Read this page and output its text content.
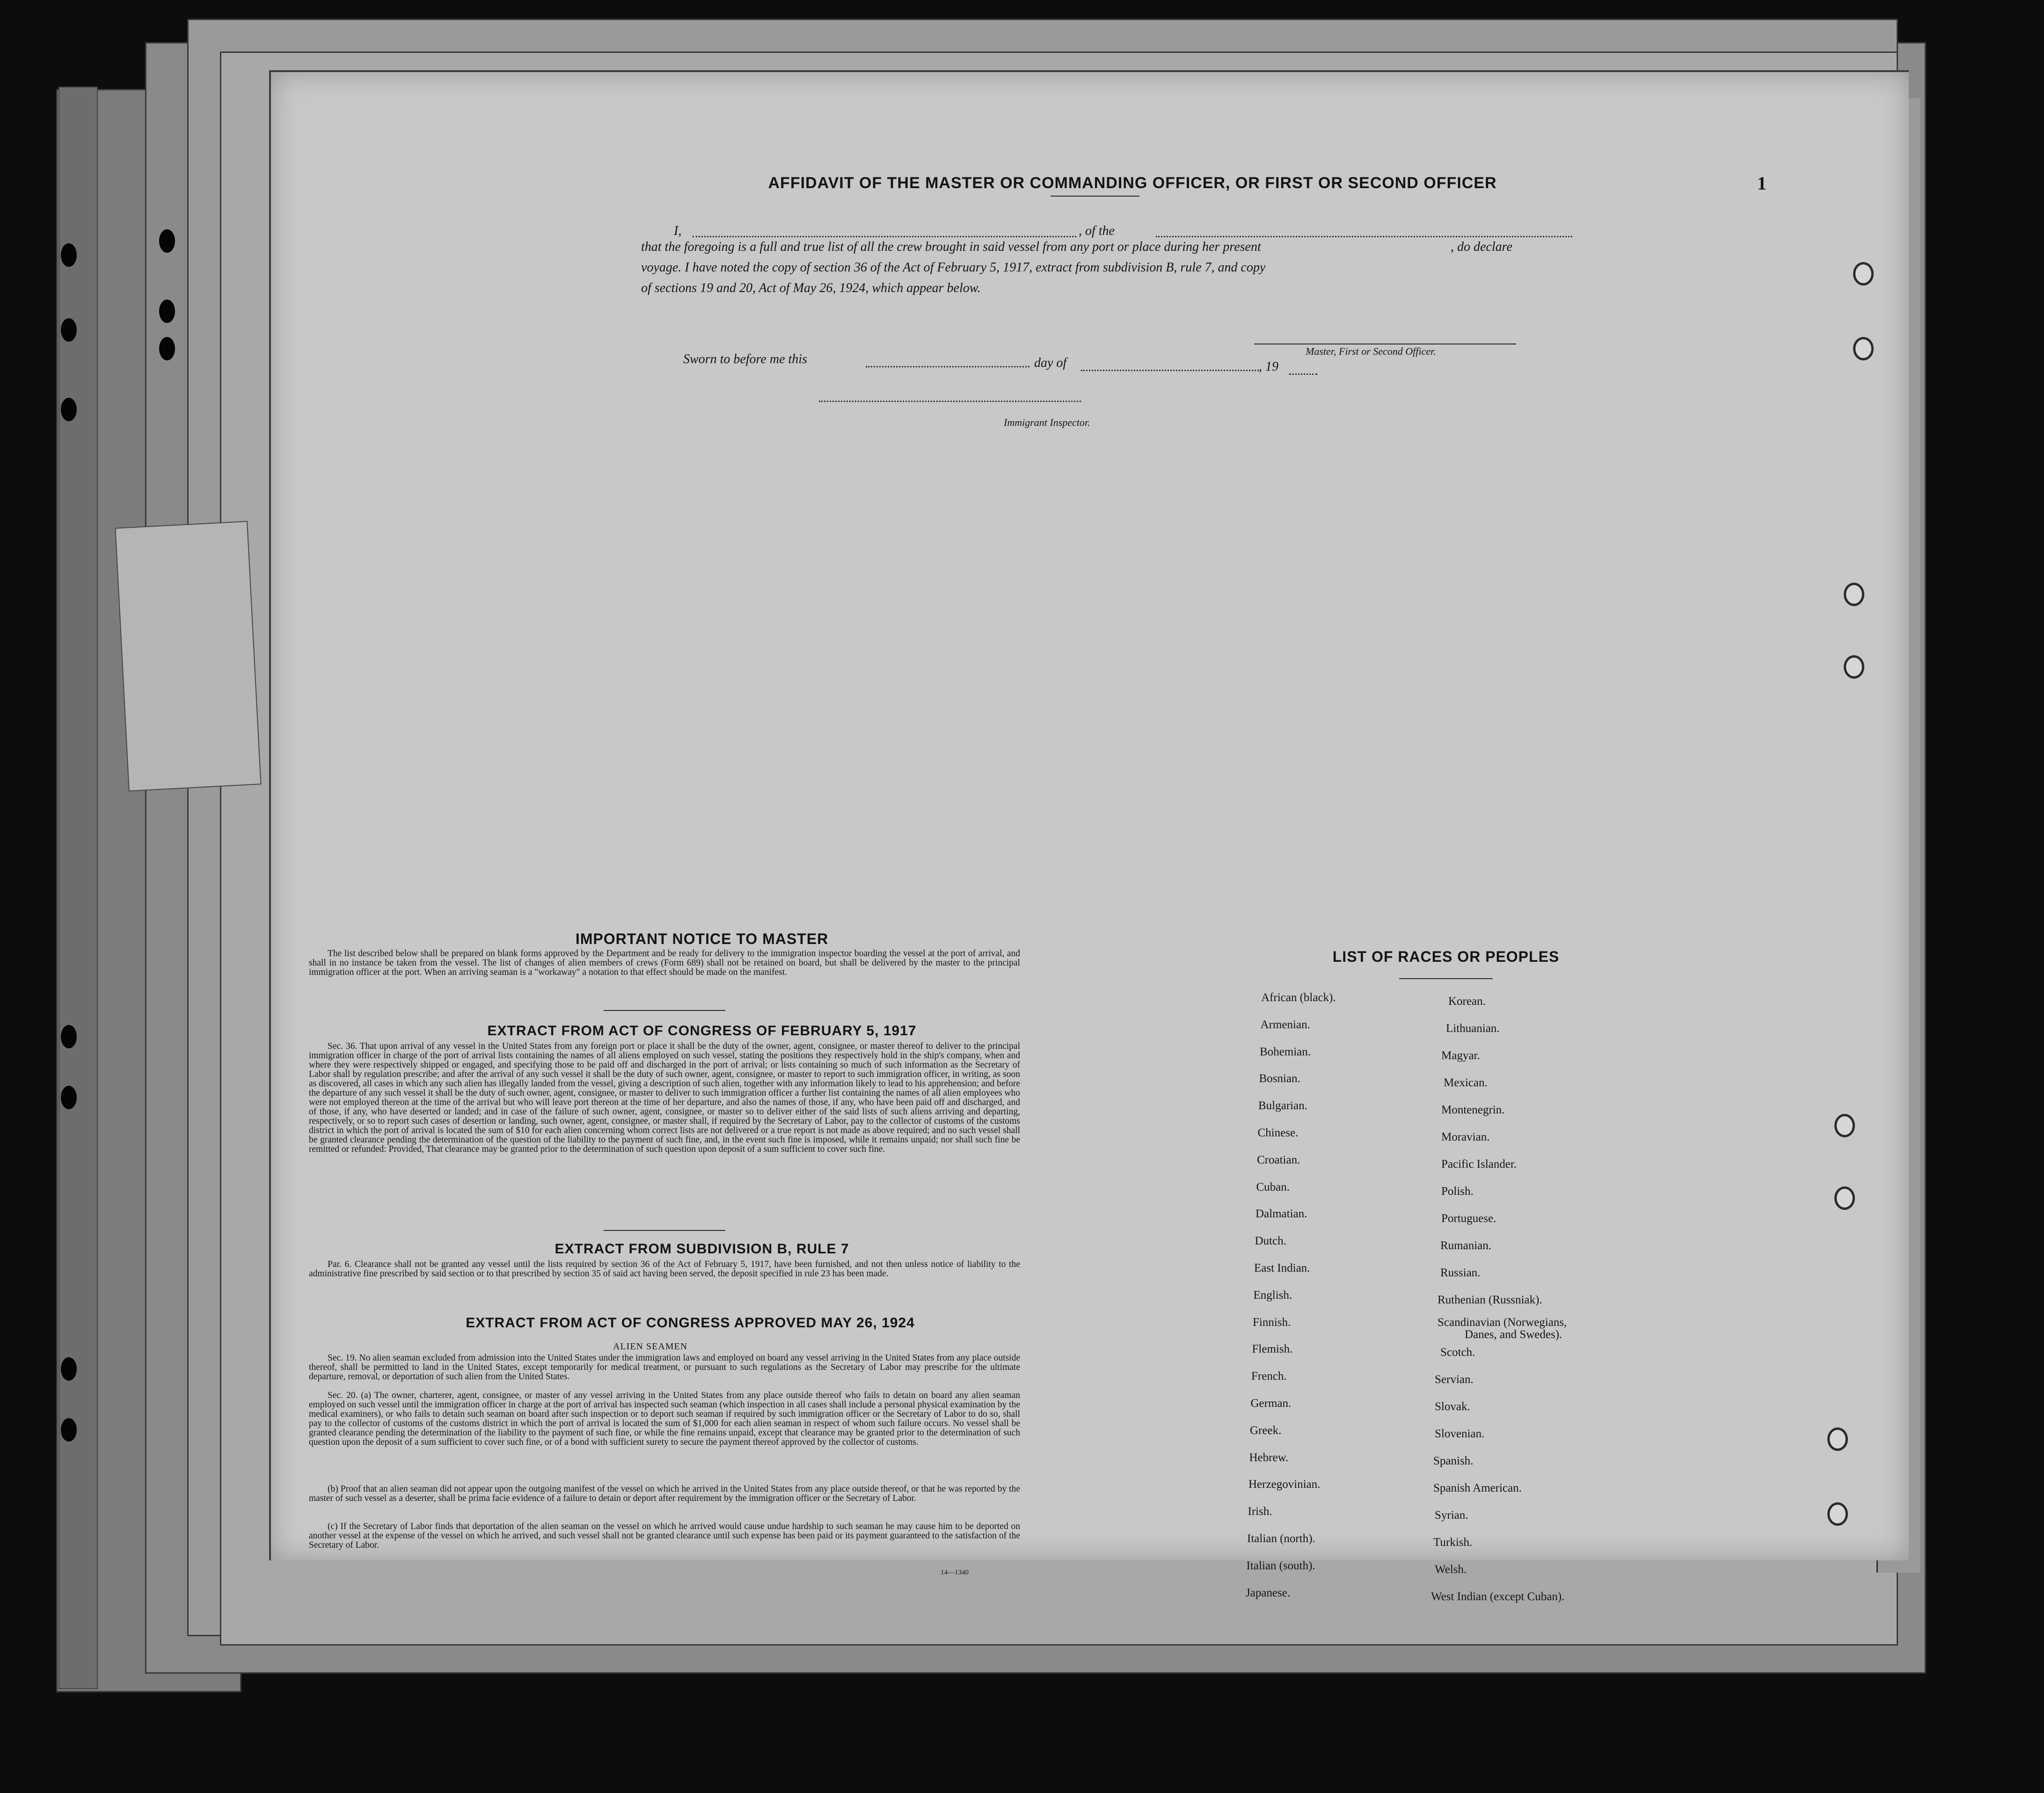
AFFIDAVIT OF THE MASTER OR COMMANDING OFFICER, OR FIRST OR SECOND OFFICER	1
I,	, of the
that the foregoing is a full and true list of all the crew brought in said vessel from any port or place during her present	, do declare
voyage. I have noted the copy of section 36 of the Act of February 5, 1917, extract from subdivision B, rule 7, and copy
of sections 19 and 20, Act of May 26, 1924, which appear below.
Master, First or Second Officer.
Sworn to before me this	day of	, 19
Immigrant Inspector.
IMPORTANT NOTICE TO MASTER

The list described below shall be prepared on blank forms approved by the Department and be ready for delivery to the immigration inspector boarding the vessel at the port of arrival, and shall in no instance be taken from the vessel. The list of changes of alien members of crews (Form 689) shall not be retained on board, but shall be delivered by the master to the principal immigration officer at the port. When an arriving seaman is a "workaway" a notation to that effect should be made on the manifest.

EXTRACT FROM ACT OF CONGRESS OF FEBRUARY 5, 1917

Sec. 36. That upon arrival of any vessel in the United States from any foreign port or place it shall be the duty of the owner, agent, consignee, or master thereof to deliver to the principal immigration officer in charge of the port of arrival lists containing the names of all aliens employed on such vessel, stating the positions they respectively hold in the ship's company, when and where they were respectively shipped or engaged, and specifying those to be paid off and discharged in the port of arrival; or lists containing so much of such information as the Secretary of Labor shall by regulation prescribe; and after the arrival of any such vessel it shall be the duty of such owner, agent, consignee, or master to report to such immigration officer, in writing, as soon as discovered, all cases in which any such alien has illegally landed from the vessel, giving a description of such alien, together with any information likely to lead to his apprehension; and before the departure of any such vessel it shall be the duty of such owner, agent, consignee, or master to deliver to such immigration officer a further list containing the names of all alien employees who were not employed thereon at the time of the arrival but who will leave port thereon at the time of her departure, and also the names of those, if any, who have been paid off and discharged, and of those, if any, who have deserted or landed; and in case of the failure of such owner, agent, consignee, or master so to deliver either of the said lists of such aliens arriving and departing, respectively, or so to report such cases of desertion or landing, such owner, agent, consignee, or master shall, if required by the Secretary of Labor, pay to the collector of customs of the customs district in which the port of arrival is located the sum of $10 for each alien concerning whom correct lists are not delivered or a true report is not made as above required; and no such vessel shall be granted clearance pending the determination of the question of the liability to the payment of such fine, and, in the event such fine is imposed, while it remains unpaid; nor shall such fine be remitted or refunded: Provided, That clearance may be granted prior to the determination of such question upon deposit of a sum sufficient to cover such fine.

EXTRACT FROM SUBDIVISION B, RULE 7

Par. 6. Clearance shall not be granted any vessel until the lists required by section 36 of the Act of February 5, 1917, have been furnished, and not then unless notice of liability to the administrative fine prescribed by said section or to that prescribed by section 35 of said act having been served, the deposit specified in rule 23 has been made.

EXTRACT FROM ACT OF CONGRESS APPROVED MAY 26, 1924
ALIEN SEAMEN

Sec. 19. No alien seaman excluded from admission into the United States under the immigration laws and employed on board any vessel arriving in the United States from any place outside thereof, shall be permitted to land in the United States, except temporarily for medical treatment, or pursuant to such regulations as the Secretary of Labor may prescribe for the ultimate departure, removal, or deportation of such alien from the United States.

Sec. 20. (a) The owner, charterer, agent, consignee, or master of any vessel arriving in the United States from any place outside thereof who fails to detain on board any alien seaman employed on such vessel until the immigration officer in charge at the port of arrival has inspected such seaman (which inspection in all cases shall include a personal physical examination by the medical examiners), or who fails to detain such seaman on board after such inspection or to deport such seaman if required by such immigration officer or the Secretary of Labor to do so, shall pay to the collector of customs of the customs district in which the port of arrival is located the sum of $1,000 for each alien seaman in respect of whom such failure occurs. No vessel shall be granted clearance pending the determination of the liability to the payment of such fine, or while the fine remains unpaid, except that clearance may be granted prior to the determination of such question upon the deposit of a sum sufficient to cover such fine, or of a bond with sufficient surety to secure the payment thereof approved by the collector of customs.

(b) Proof that an alien seaman did not appear upon the outgoing manifest of the vessel on which he arrived in the United States from any place outside thereof, or that he was reported by the master of such vessel as a deserter, shall be prima facie evidence of a failure to detain or deport after requirement by the immigration officer or the Secretary of Labor.

(c) If the Secretary of Labor finds that deportation of the alien seaman on the vessel on which he arrived would cause undue hardship to such seaman he may cause him to be deported on another vessel at the expense of the vessel on which he arrived, and such vessel shall not be granted clearance until such expense has been paid or its payment guaranteed to the satisfaction of the Secretary of Labor.

14—1340
LIST OF RACES OR PEOPLES
African (black).
Armenian.
Bohemian.
Bosnian.
Bulgarian.
Chinese.
Croatian.
Cuban.
Dalmatian.
Dutch.
East Indian.
English.
Finnish.
Flemish.
French.
German.
Greek.
Hebrew.
Herzegovinian.
Irish.
Italian (north).
Italian (south).
Japanese.
Korean.
Lithuanian.
Magyar.
Mexican.
Montenegrin.
Moravian.
Pacific Islander.
Polish.
Portuguese.
Rumanian.
Russian.
Ruthenian (Russniak).
Scandinavian (Norwegians,
Danes, and Swedes).
Scotch.
Servian.
Slovak.
Slovenian.
Spanish.
Spanish American.
Syrian.
Turkish.
Welsh.
West Indian (except Cuban).
